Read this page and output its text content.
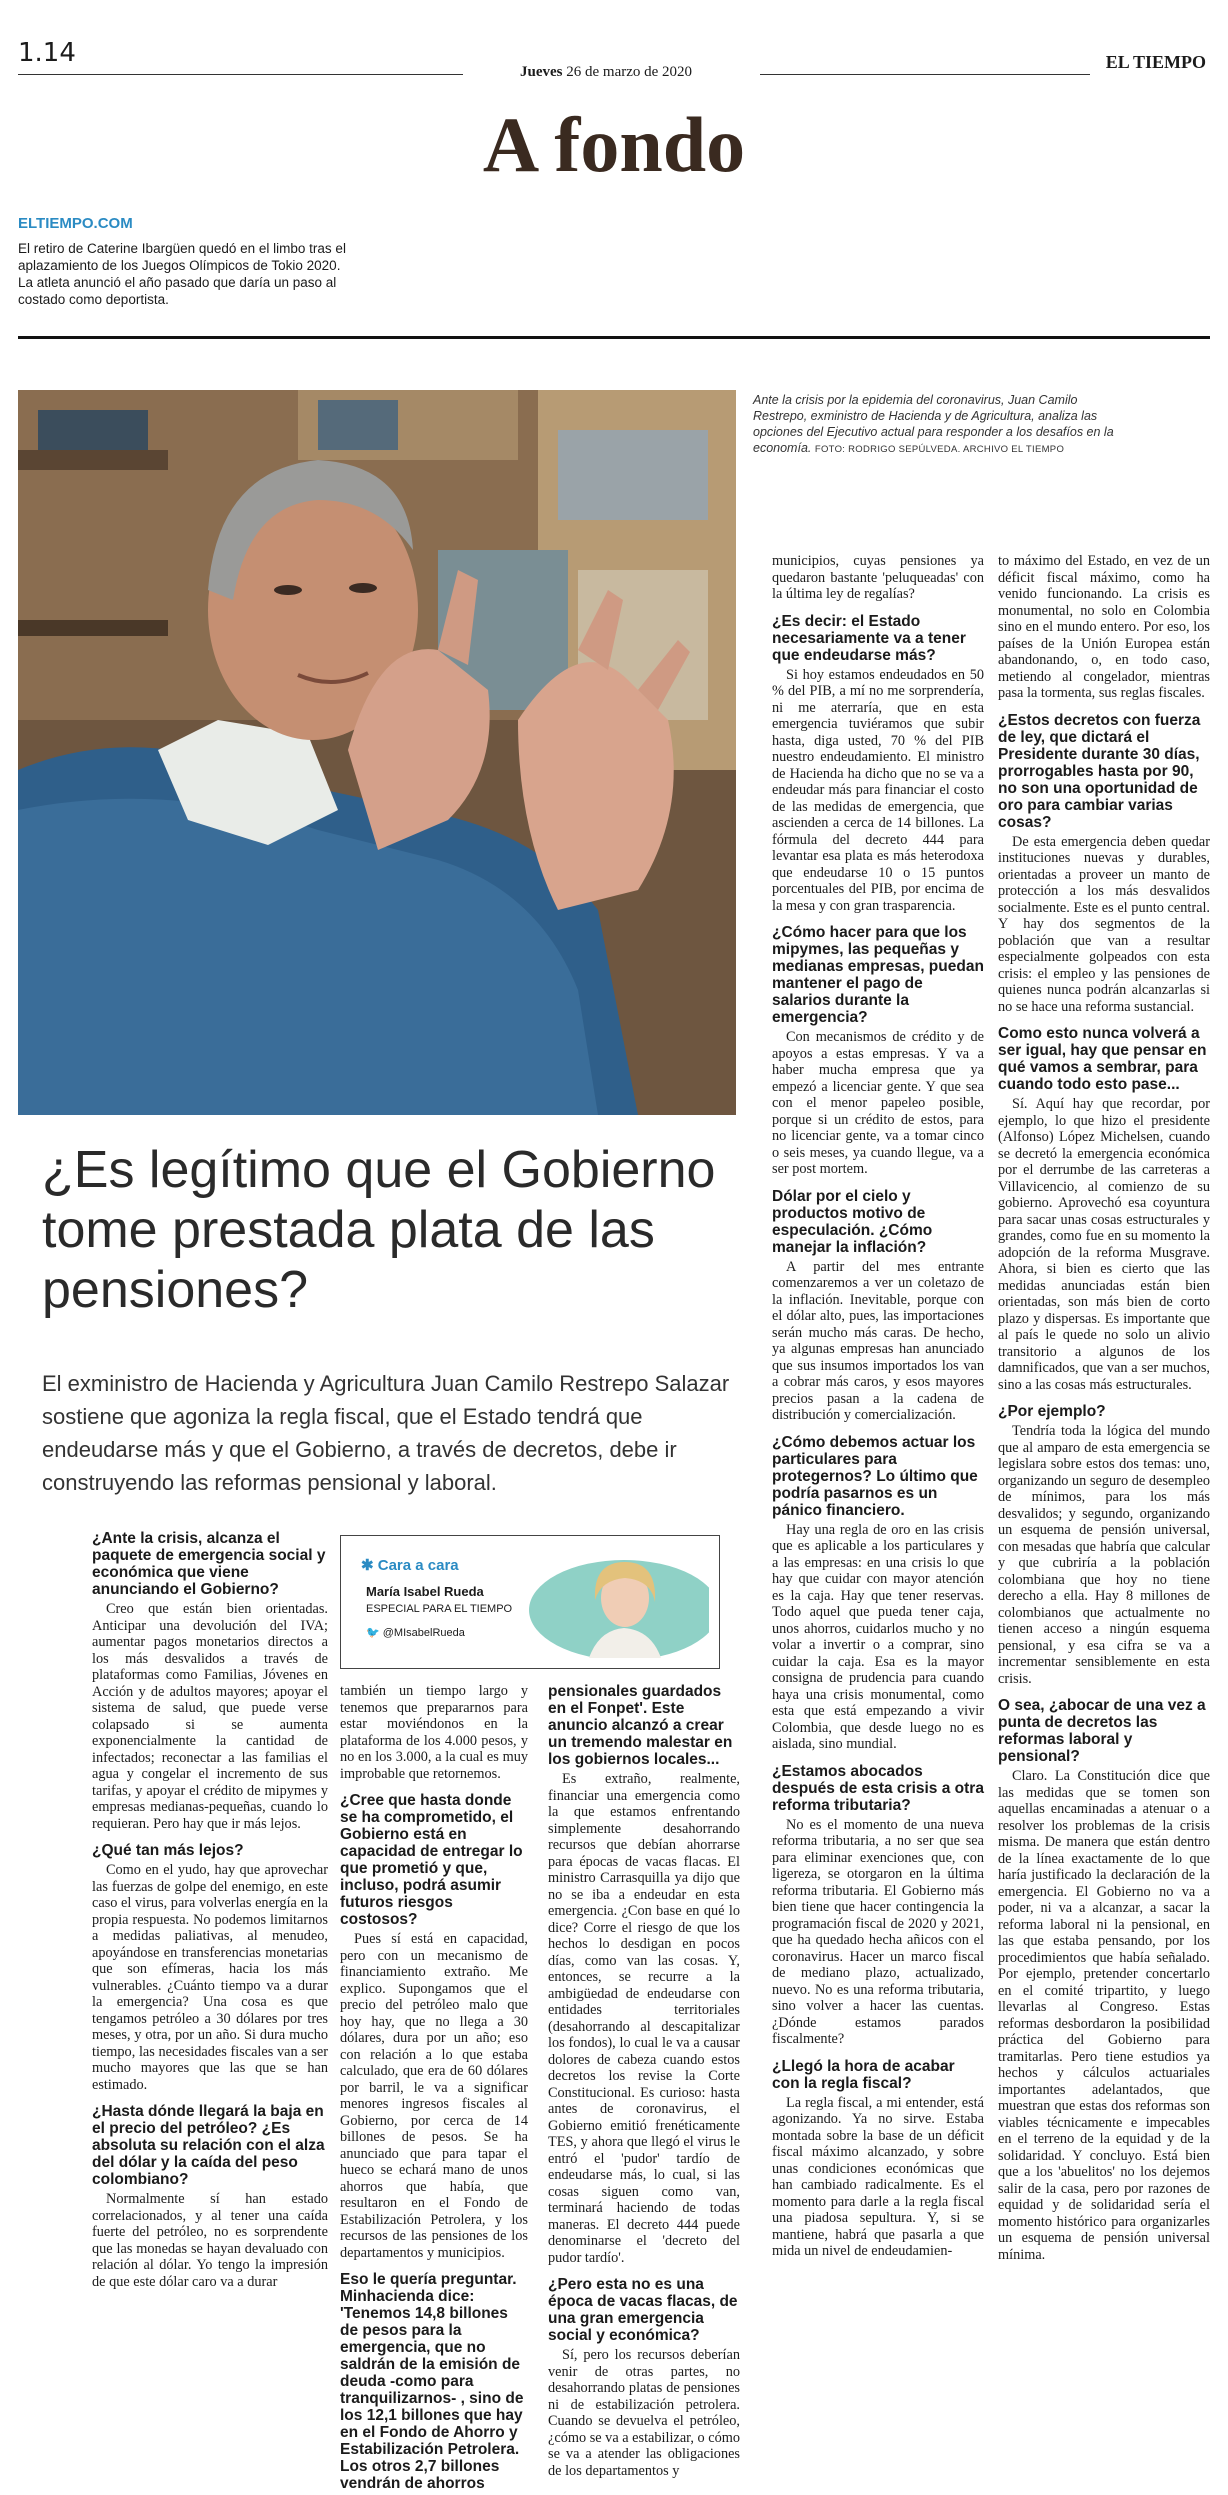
1.14
Jueves 26 de marzo de 2020	EL TIEMPO
A fondo
ELTIEMPO.COM
El retiro de Caterine Ibargüen quedó en el limbo tras el aplazamiento de los Juegos Olímpicos de Tokio 2020. La atleta anunció el año pasado que daría un paso al costado como deportista.
Ante la crisis por la epidemia del coronavirus, Juan Camilo Restrepo, exministro de Hacienda y de Agricultura, analiza las opciones del Ejecutivo actual para responder a los desafíos en la economía. FOTO: RODRIGO SEPÚLVEDA. ARCHIVO EL TIEMPO
¿Es legítimo que el Gobierno tome prestada plata de las pensiones?
El exministro de Hacienda y Agricultura Juan Camilo Restrepo Salazar sostiene que agoniza la regla fiscal, que el Estado tendrá que endeudarse más y que el Gobierno, a través de decretos, debe ir construyendo las reformas pensional y laboral.
✱ Cara a cara
María Isabel Rueda
ESPECIAL PARA EL TIEMPO
🐦 @MIsabelRueda
¿Ante la crisis, alcanza el paquete de emergencia social y económica que viene anunciando el Gobierno?

Creo que están bien orientadas. Anticipar una devolución del IVA; aumentar pagos monetarios directos a los más desvalidos a través de plataformas como Familias, Jóvenes en Acción y de adultos mayores; apoyar el sistema de salud, que puede verse colapsado si se aumenta exponencialmente la cantidad de infectados; reconectar a las familias el agua y congelar el incremento de sus tarifas, y apoyar el crédito de mipymes y empresas medianas-pequeñas, cuando lo requieran. Pero hay que ir más lejos.

¿Qué tan más lejos?

Como en el yudo, hay que aprovechar las fuerzas de golpe del enemigo, en este caso el virus, para volverlas energía en la propia respuesta. No podemos limitarnos a medidas paliativas, al menudeo, apoyándose en transferencias monetarias que son efímeras, hacia los más vulnerables. ¿Cuánto tiempo va a durar la emergencia? Una cosa es que tengamos petróleo a 30 dólares por tres meses, y otra, por un año. Si dura mucho tiempo, las necesidades fiscales van a ser mucho mayores que las que se han estimado.

¿Hasta dónde llegará la baja en el precio del petróleo? ¿Es absoluta su relación con el alza del dólar y la caída del peso colombiano?

Normalmente sí han estado correlacionados, y al tener una caída fuerte del petróleo, no es sorprendente que las monedas se hayan devaluado con relación al dólar. Yo tengo la impresión de que este dólar caro va a durar

también un tiempo largo y tenemos que prepararnos para estar moviéndonos en la plataforma de los 4.000 pesos, y no en los 3.000, a la cual es muy improbable que retornemos.

¿Cree que hasta donde se ha comprometido, el Gobierno está en capacidad de entregar lo que prometió y que, incluso, podrá asumir futuros riesgos costosos?

Pues sí está en capacidad, pero con un mecanismo de financiamiento extraño. Me explico. Supongamos que el precio del petróleo malo que hoy hay, que no llega a 30 dólares, dura por un año; eso con relación a lo que estaba calculado, que era de 60 dólares por barril, le va a significar menores ingresos fiscales al Gobierno, por cerca de 14 billones de pesos. Se ha anunciado que para tapar el hueco se echará mano de unos ahorros que había, que resultaron en el Fondo de Estabilización Petrolera, y los recursos de las pensiones de los departamentos y municipios.

Eso le quería preguntar. Minhacienda dice: 'Tenemos 14,8 billones de pesos para la emergencia, que no saldrán de la emisión de deuda -como para tranquilizarnos- , sino de los 12,1 billones que hay en el Fondo de Ahorro y Estabilización Petrolera. Los otros 2,7 billones vendrán de ahorros
pensionales guardados en el Fonpet'. Este anuncio alcanzó a crear un tremendo malestar en los gobiernos locales...

Es extraño, realmente, financiar una emergencia como la que estamos enfrentando simplemente desahorrando recursos que debían ahorrarse para épocas de vacas flacas. El ministro Carrasquilla ya dijo que no se iba a endeudar en esta emergencia. ¿Con base en qué lo dice? Corre el riesgo de que los hechos lo desdigan en pocos días, como van las cosas. Y, entonces, se recurre a la ambigüedad de endeudarse con entidades territoriales (desahorrando al descapitalizar los fondos), lo cual le va a causar dolores de cabeza cuando estos decretos los revise la Corte Constitucional. Es curioso: hasta antes de coronavirus, el Gobierno emitió frenéticamente TES, y ahora que llegó el virus le entró el 'pudor' tardío de endeudarse más, lo cual, si las cosas siguen como van, terminará haciendo de todas maneras. El decreto 444 puede denominarse el 'decreto del pudor tardío'.

¿Pero esta no es una época de vacas flacas, de una gran emergencia social y económica?

Sí, pero los recursos deberían venir de otras partes, no desahorrando platas de pensiones ni de estabilización petrolera. Cuando se devuelva el petróleo, ¿cómo se va a estabilizar, o cómo se va a atender las obligaciones de los departamentos y

municipios, cuyas pensiones ya quedaron bastante 'peluqueadas' con la última ley de regalías?

¿Es decir: el Estado necesariamente va a tener que endeudarse más?

Si hoy estamos endeudados en 50 % del PIB, a mí no me sorprendería, ni me aterraría, que en esta emergencia tuviéramos que subir hasta, diga usted, 70 % del PIB nuestro endeudamiento. El ministro de Hacienda ha dicho que no se va a endeudar más para financiar el costo de las medidas de emergencia, que ascienden a cerca de 14 billones. La fórmula del decreto 444 para levantar esa plata es más heterodoxa que endeudarse 10 o 15 puntos porcentuales del PIB, por encima de la mesa y con gran trasparencia.

¿Cómo hacer para que los mipymes, las pequeñas y medianas empresas, puedan mantener el pago de salarios durante la emergencia?

Con mecanismos de crédito y de apoyos a estas empresas. Y va a haber mucha empresa que ya empezó a licenciar gente. Y que sea con el menor papeleo posible, porque si un crédito de estos, para no licenciar gente, va a tomar cinco o seis meses, ya cuando llegue, va a ser post mortem.

Dólar por el cielo y productos motivo de especulación. ¿Cómo manejar la inflación?

A partir del mes entrante comenzaremos a ver un coletazo de la inflación. Inevitable, porque con el dólar alto, pues, las importaciones serán mucho más caras. De hecho, ya algunas empresas han anunciado que sus insumos importados los van a cobrar más caros, y esos mayores precios pasan a la cadena de distribución y comercialización.

¿Cómo debemos actuar los particulares para protegernos? Lo último que podría pasarnos es un pánico financiero.

Hay una regla de oro en las crisis que es aplicable a los particulares y a las empresas: en una crisis lo que hay que cuidar con mayor atención es la caja. Hay que tener reservas. Todo aquel que pueda tener caja, unos ahorros, cuidarlos mucho y no volar a invertir o a comprar, sino cuidar la caja. Esa es la mayor consigna de prudencia para cuando haya una crisis monumental, como esta que está empezando a vivir Colombia, que desde luego no es aislada, sino mundial.

¿Estamos abocados después de esta crisis a otra reforma tributaria?

No es el momento de una nueva reforma tributaria, a no ser que sea para eliminar exenciones que, con ligereza, se otorgaron en la última reforma tributaria. El Gobierno más bien tiene que hacer contingencia la programación fiscal de 2020 y 2021, que ha quedado hecha añicos con el coronavirus. Hacer un marco fiscal de mediano plazo, actualizado, nuevo. No es una reforma tributaria, sino volver a hacer las cuentas. ¿Dónde estamos parados fiscalmente?

¿Llegó la hora de acabar con la regla fiscal?

La regla fiscal, a mi entender, está agonizando. Ya no sirve. Estaba montada sobre la base de un déficit fiscal máximo alcanzado, y sobre unas condiciones económicas que han cambiado radicalmente. Es el momento para darle a la regla fiscal una piadosa sepultura. Y, si se mantiene, habrá que pasarla a que mida un nivel de endeudamien-

to máximo del Estado, en vez de un déficit fiscal máximo, como ha venido funcionando. La crisis es monumental, no solo en Colombia sino en el mundo entero. Por eso, los países de la Unión Europea están abandonando, o, en todo caso, metiendo al congelador, mientras pasa la tormenta, sus reglas fiscales.

¿Estos decretos con fuerza de ley, que dictará el Presidente durante 30 días, prorrogables hasta por 90, no son una oportunidad de oro para cambiar varias cosas?

De esta emergencia deben quedar instituciones nuevas y durables, orientadas a proveer un manto de protección a los más desvalidos socialmente. Este es el punto central. Y hay dos segmentos de la población que van a resultar especialmente golpeados con esta crisis: el empleo y las pensiones de quienes nunca podrán alcanzarlas si no se hace una reforma sustancial.

Como esto nunca volverá a ser igual, hay que pensar en qué vamos a sembrar, para cuando todo esto pase...

Sí. Aquí hay que recordar, por ejemplo, lo que hizo el presidente (Alfonso) López Michelsen, cuando se decretó la emergencia económica por el derrumbe de las carreteras a Villavicencio, al comienzo de su gobierno. Aprovechó esa coyuntura para sacar unas cosas estructurales y grandes, como fue en su momento la adopción de la reforma Musgrave. Ahora, si bien es cierto que las medidas anunciadas están bien orientadas, son más bien de corto plazo y dispersas. Es importante que al país le quede no solo un alivio transitorio a algunos de los damnificados, que van a ser muchos, sino a las cosas más estructurales.

¿Por ejemplo?

Tendría toda la lógica del mundo que al amparo de esta emergencia se legislara sobre estos dos temas: uno, organizando un seguro de desempleo de mínimos, para los más desvalidos; y segundo, organizando un esquema de pensión universal, con mesadas que habría que calcular y que cubriría a la población colombiana que hoy no tiene derecho a ella. Hay 8 millones de colombianos que actualmente no tienen acceso a ningún esquema pensional, y esa cifra se va a incrementar sensiblemente en esta crisis.

O sea, ¿abocar de una vez a punta de decretos las reformas laboral y pensional?

Claro. La Constitución dice que las medidas que se tomen son aquellas encaminadas a atenuar o a resolver los problemas de la crisis misma. De manera que están dentro de la línea exactamente de lo que haría justificado la declaración de la emergencia. El Gobierno no va a poder, ni va a alcanzar, a sacar la reforma laboral ni la pensional, en las que estaba pensando, por los procedimientos que había señalado. Por ejemplo, pretender concertarlo en el comité tripartito, y luego llevarlas al Congreso. Estas reformas desbordaron la posibilidad práctica del Gobierno para tramitarlas. Pero tiene estudios ya hechos y cálculos actuariales importantes adelantados, que muestran que estas dos reformas son viables técnicamente e impecables en el terreno de la equidad y de la solidaridad. Y concluyo. Está bien que a los 'abuelitos' no los dejemos salir de la casa, pero por razones de equidad y de solidaridad sería el momento histórico para organizarles un esquema de pensión universal mínima.
